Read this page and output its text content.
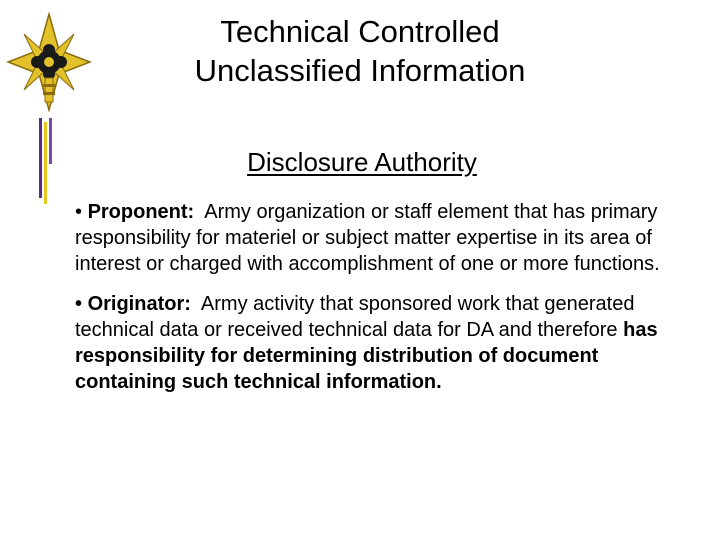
Technical Controlled
Unclassified Information
Disclosure Authority
• Proponent:  Army organization or staff element that has primary responsibility for materiel or subject matter expertise in its area of interest or charged with accomplishment of one or more functions.
• Originator:  Army activity that sponsored work that generated technical data or received technical data for DA and therefore has responsibility for determining distribution of document containing such technical information.
